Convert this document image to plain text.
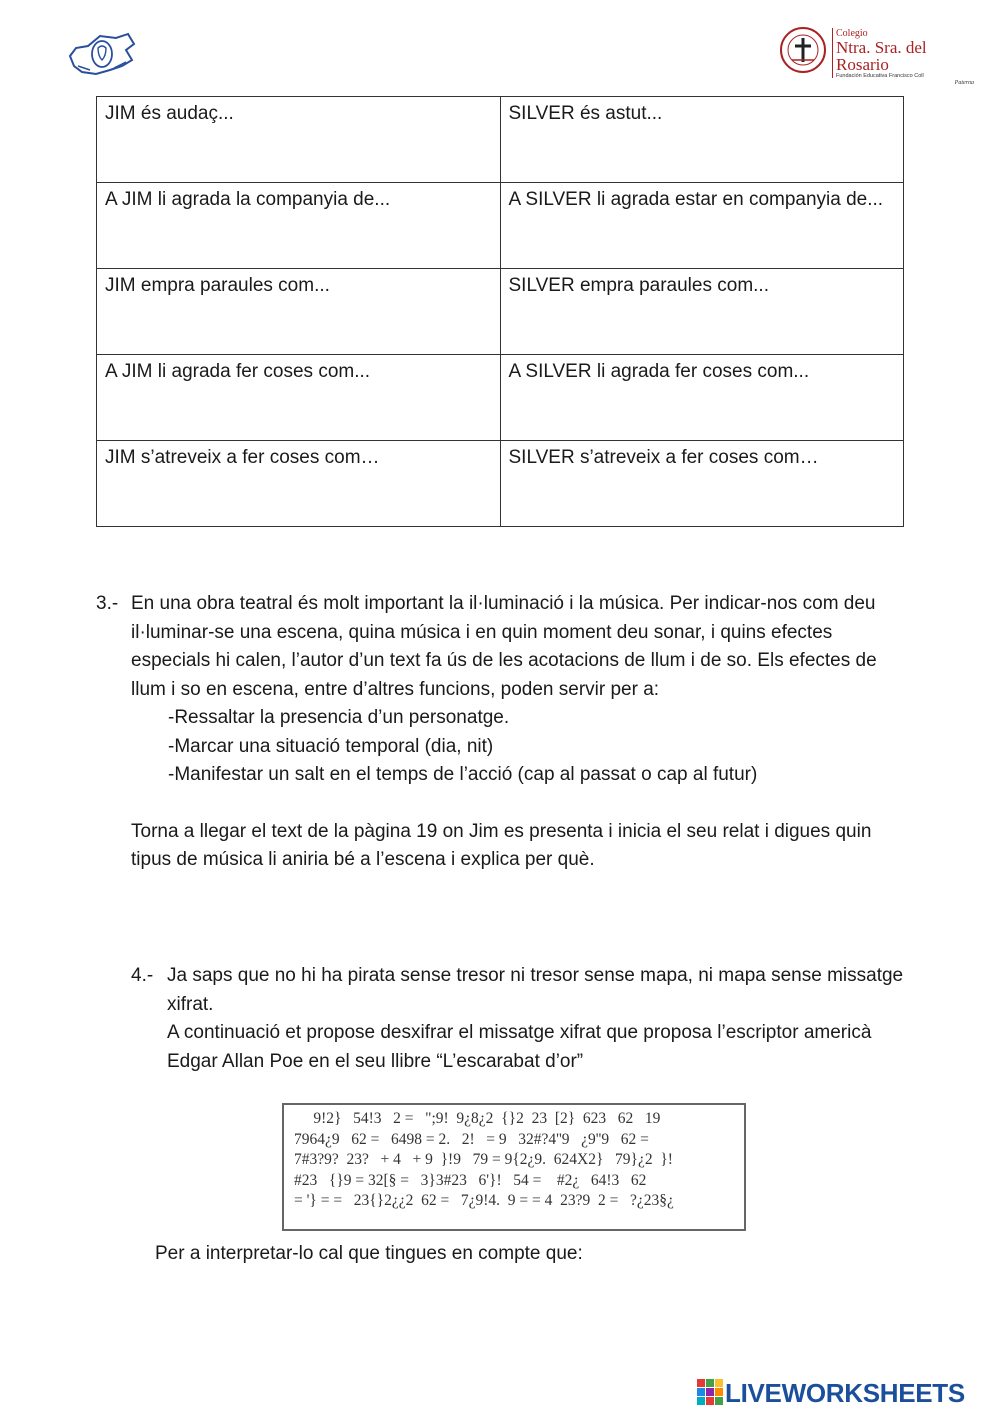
Colegio
Ntra. Sra. del Rosario
Fundación Educativa Francisco Coll
Paterna
JIM és audaç...	SILVER és astut...
A JIM li agrada la companyia de...	A SILVER li agrada estar en companyia de...
JIM empra paraules com...	SILVER empra paraules com...
A JIM li agrada fer coses com...	A SILVER li agrada fer coses com...
JIM s’atreveix a fer coses com…	SILVER s’atreveix a fer coses com…
3.- En una obra teatral és molt important la il·luminació i la música. Per indicar-nos com deu il·luminar-se una escena, quina música i en quin moment deu sonar, i quins efectes especials hi calen, l’autor d’un text fa ús de les acotacions de llum i de so. Els efectes de llum i so en escena, entre d’altres funcions, poden servir per a:
-Ressaltar la presencia d’un personatge.
-Marcar una situació temporal (dia, nit)
-Manifestar un salt en el temps de l’acció (cap al passat o cap al futur)
Torna a llegar el text de la pàgina 19 on Jim es presenta i inicia el seu relat i digues quin tipus de música li aniria bé a l’escena i explica per què.
4.- Ja saps que no hi ha pirata sense tresor ni tresor sense mapa, ni mapa sense missatge xifrat.
A continuació et propose desxifrar el missatge xifrat que proposa l’escriptor americà Edgar Allan Poe en el seu llibre “L’escarabat d’or”
9!2}   54!3   2 =   ";9!  9¿8¿2  {}2  23  [2}  623   62   19
7964¿9   62 =   6498 = 2.   2!   = 9   32#?4''9   ¿9''9   62 =
7#3?9?  23?   + 4   + 9  }!9   79 = 9{2¿9.  624X2}   79}¿2  }!
#23   {}9 = 32[§ =   3}3#23   6'}!   54 =    #2¿   64!3   62
= '} = =   23{}2¿¿2  62 =   7¿9!4.  9 = = 4  23?9  2 =   ?¿23§¿
Per a interpretar-lo cal que tingues en compte que:
LIVEWORKSHEETS
